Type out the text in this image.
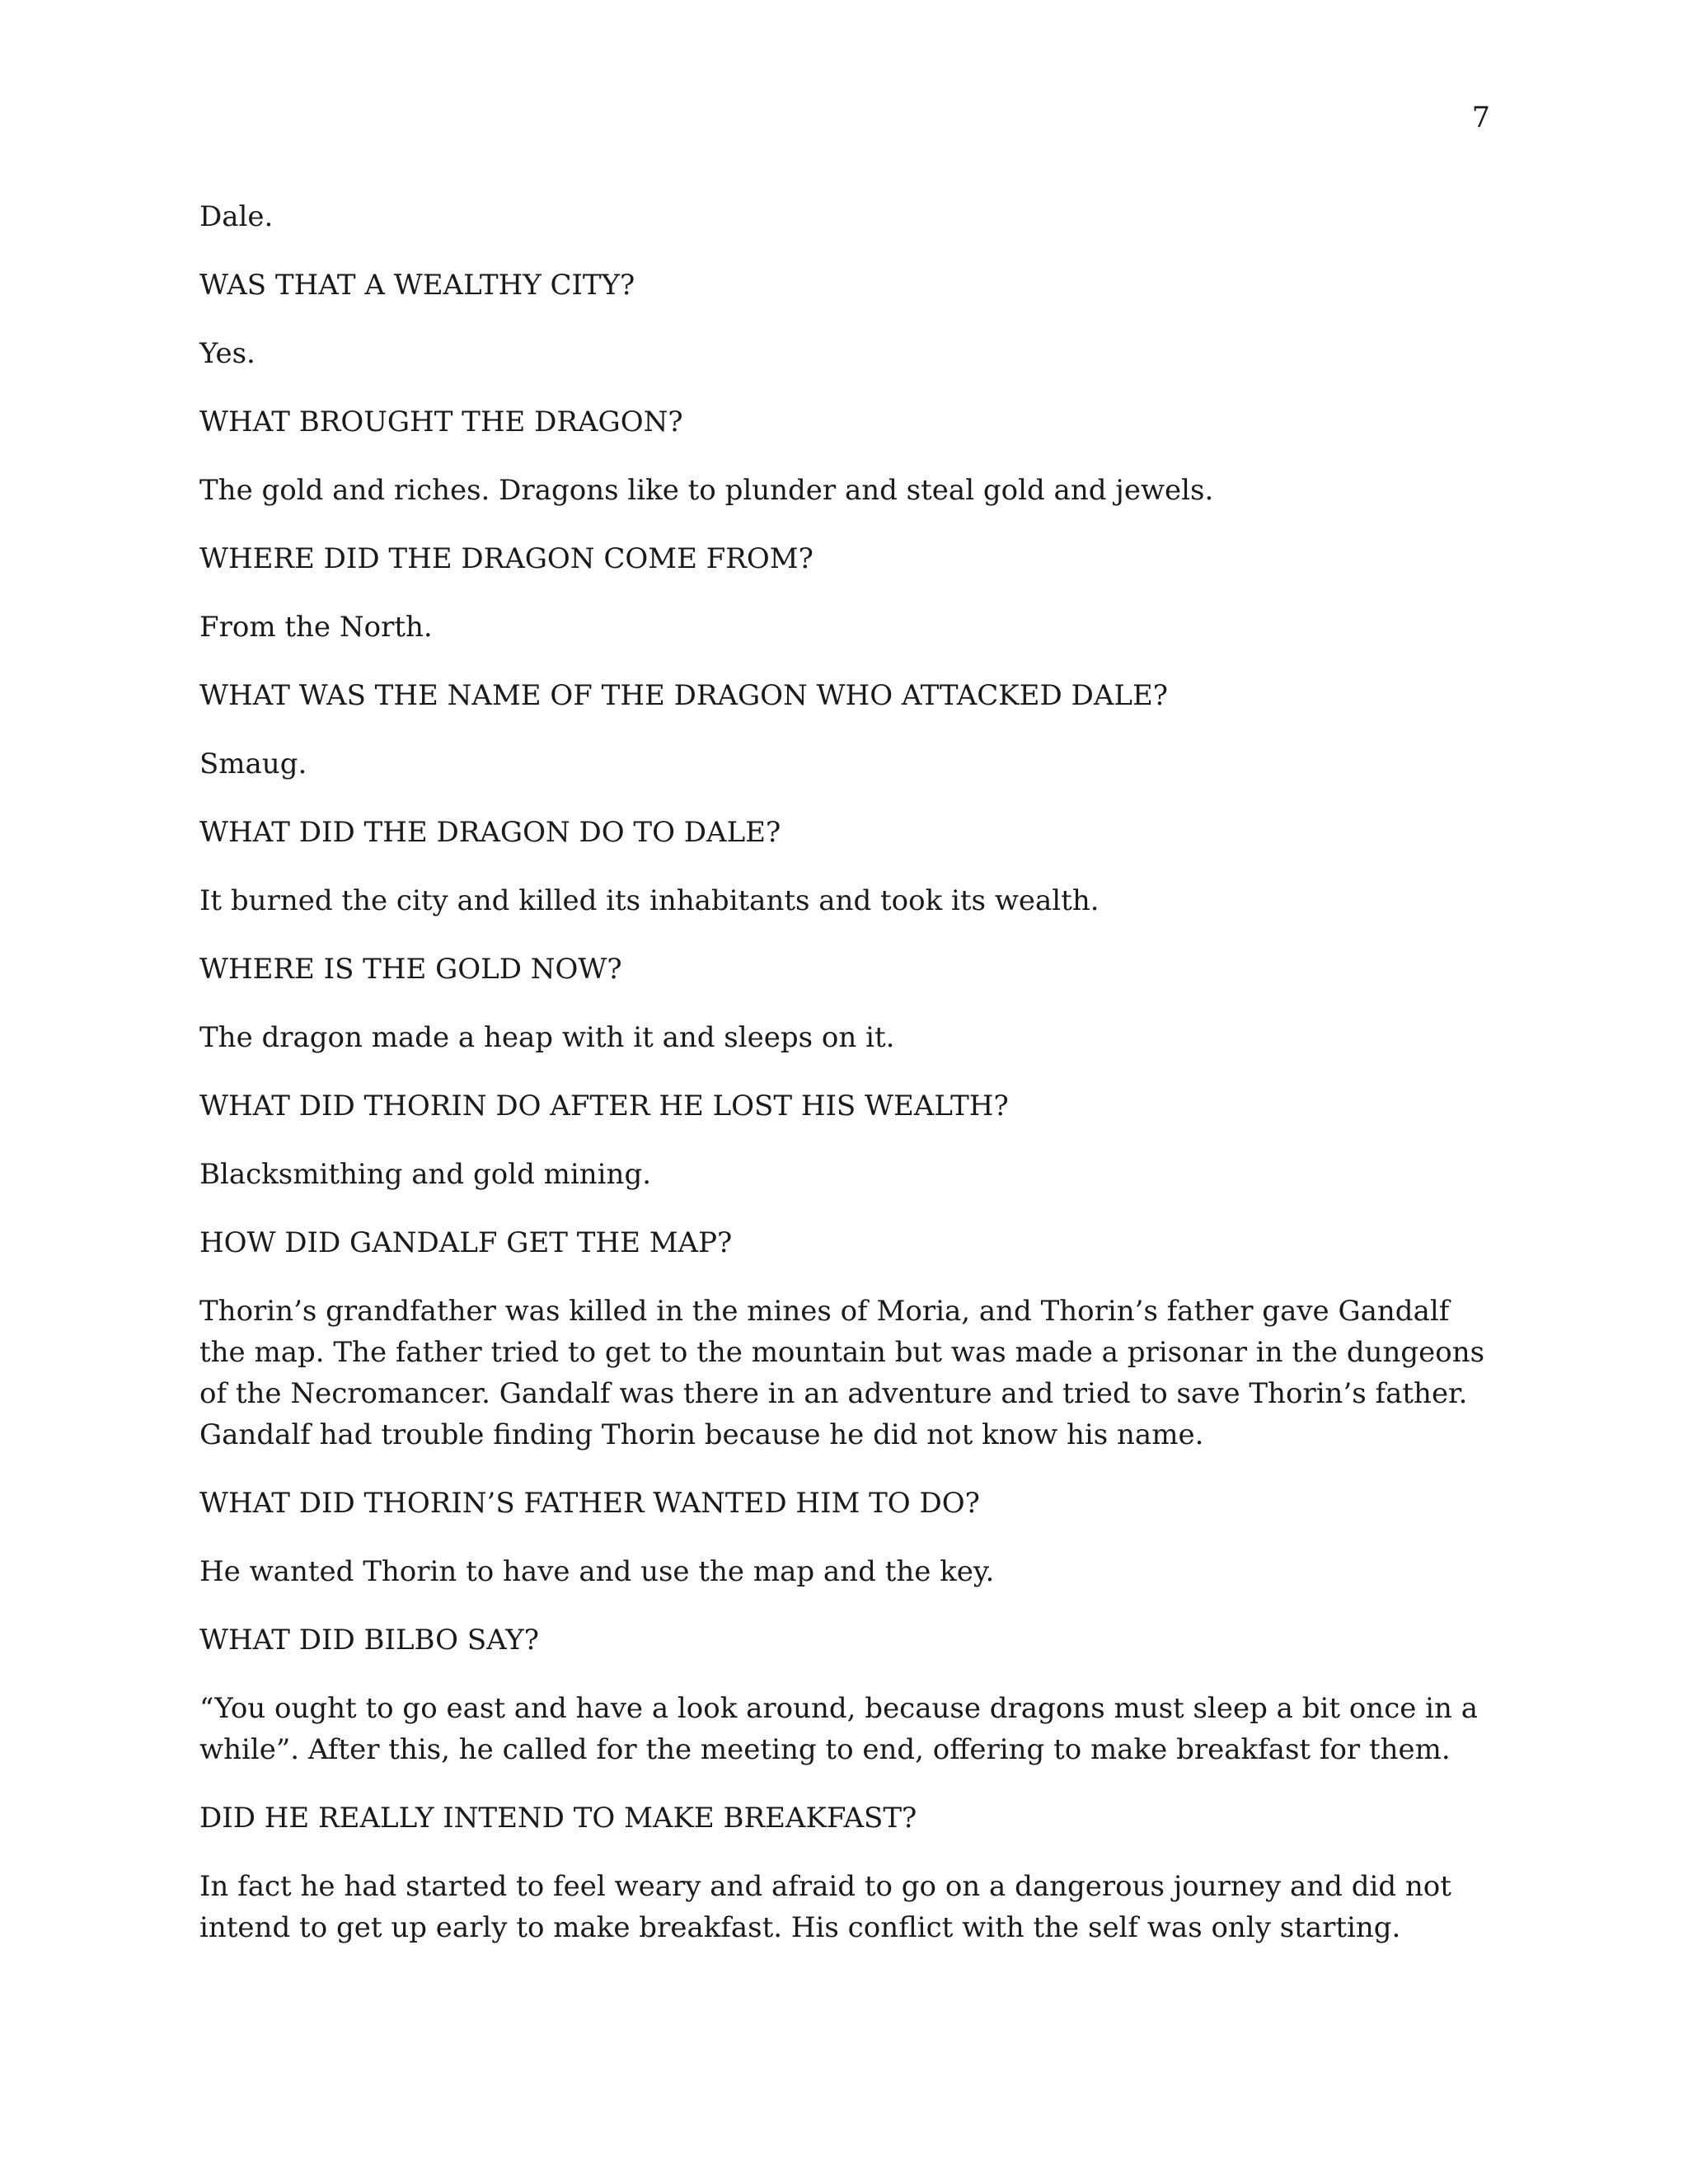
7

Dale.

WAS THAT A WEALTHY CITY?

Yes.

WHAT BROUGHT THE DRAGON?

The gold and riches. Dragons like to plunder and steal gold and jewels.

WHERE DID THE DRAGON COME FROM?

From the North.

WHAT WAS THE NAME OF THE DRAGON WHO ATTACKED DALE?

Smaug.

WHAT DID THE DRAGON DO TO DALE?

It burned the city and killed its inhabitants and took its wealth.

WHERE IS THE GOLD NOW?

The dragon made a heap with it and sleeps on it.

WHAT DID THORIN DO AFTER HE LOST HIS WEALTH?

Blacksmithing and gold mining.

HOW DID GANDALF GET THE MAP?

Thorin’s grandfather was killed in the mines of Moria, and Thorin’s father gave Gandalf the map. The father tried to get to the mountain but was made a prisonar in the dungeons of the Necromancer. Gandalf was there in an adventure and tried to save Thorin’s father. Gandalf had trouble finding Thorin because he did not know his name.

WHAT DID THORIN’S FATHER WANTED HIM TO DO?

He wanted Thorin to have and use the map and the key.

WHAT DID BILBO SAY?

“You ought to go east and have a look around, because dragons must sleep a bit once in a while”. After this, he called for the meeting to end, offering to make breakfast for them.

DID HE REALLY INTEND TO MAKE BREAKFAST?

In fact he had started to feel weary and afraid to go on a dangerous journey and did not intend to get up early to make breakfast. His conflict with the self was only starting.
